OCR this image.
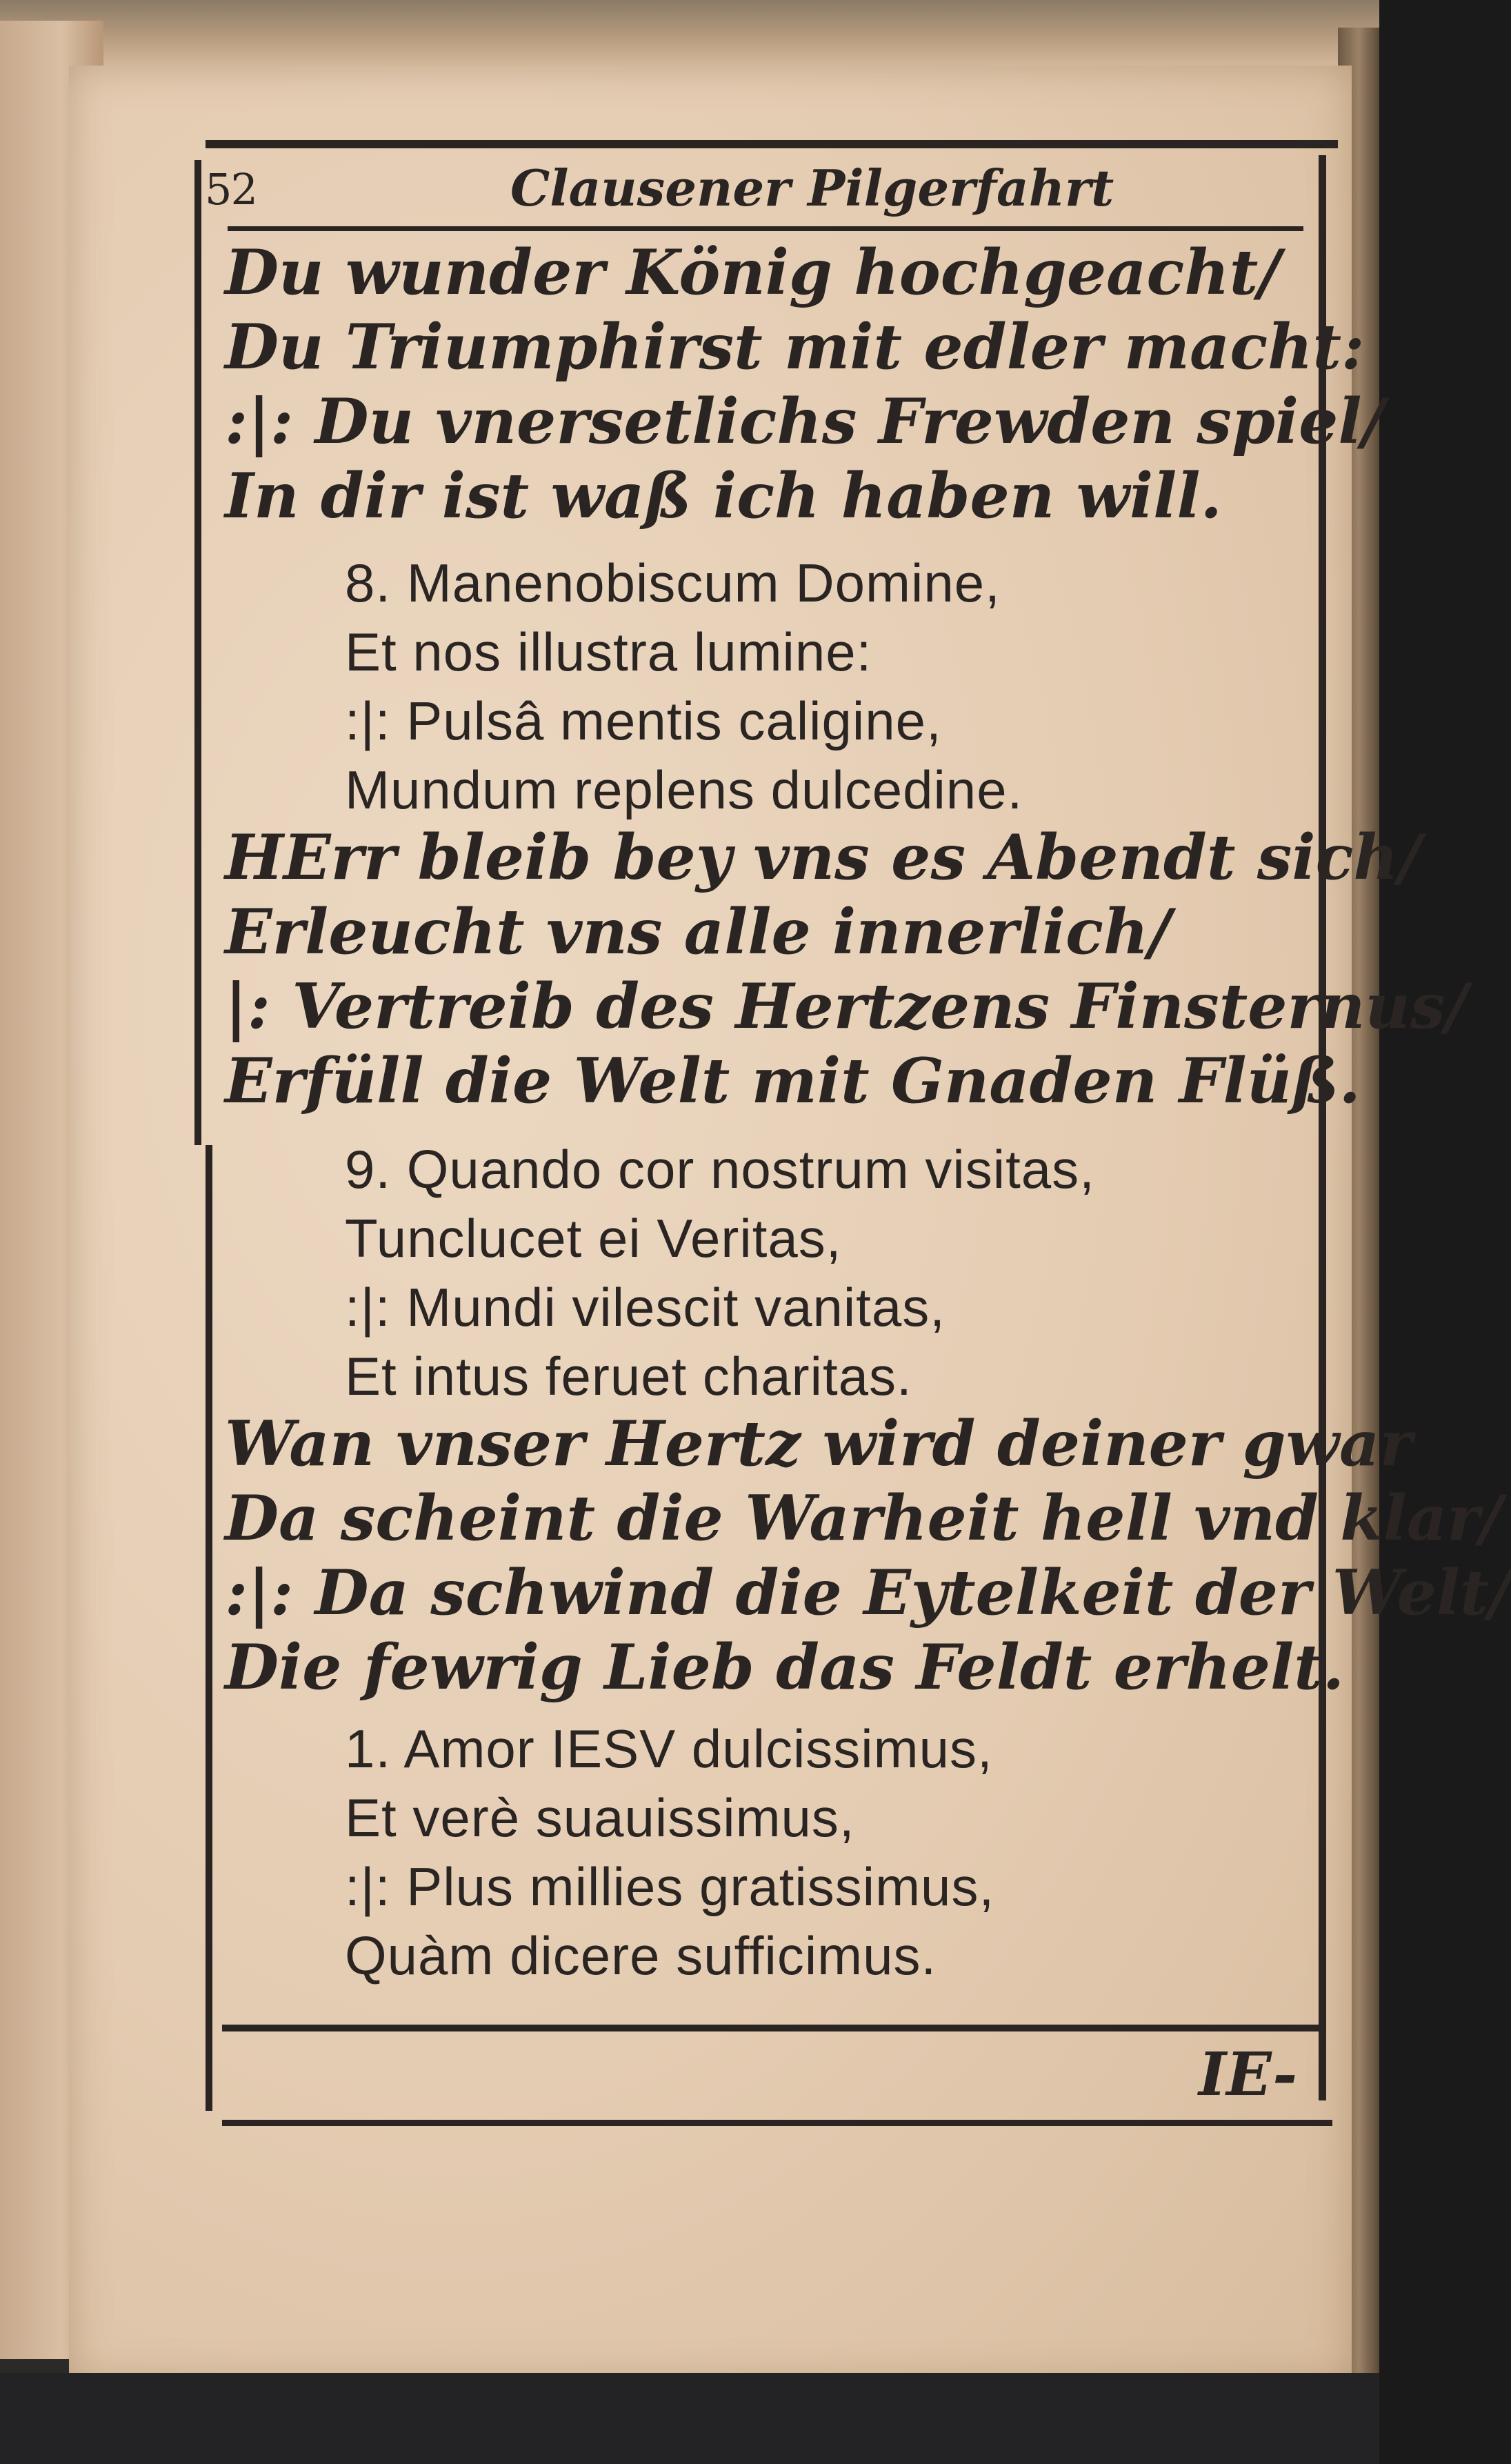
52	Clausener Pilgerfahrt
Du wunder König hochgeacht/
Du Triumphirst mit edler macht:
:|: Du vnersetlichs Frewden spiel/
In dir ist waß ich haben will.
8. Manenobiscum Domine,
Et nos illustra lumine:
:|: Pulsâ mentis caligine,
Mundum replens dulcedine.
HErr bleib bey vns es Abendt sich/
Erleucht vns alle innerlich/
|: Vertreib des Hertzens Finsternus/
Erfüll die Welt mit Gnaden Flüß.
9. Quando cor nostrum visitas,
Tunclucet ei Veritas,
:|: Mundi vilescit vanitas,
Et intus feruet charitas.
Wan vnser Hertz wird deiner gwar
Da scheint die Warheit hell vnd klar/
:|: Da schwind die Eytelkeit der Welt/
Die fewrig Lieb das Feldt erhelt.
1. Amor IESV dulcissimus,
Et verè suauissimus,
:|: Plus millies gratissimus,
Quàm dicere sufficimus.
IE-
